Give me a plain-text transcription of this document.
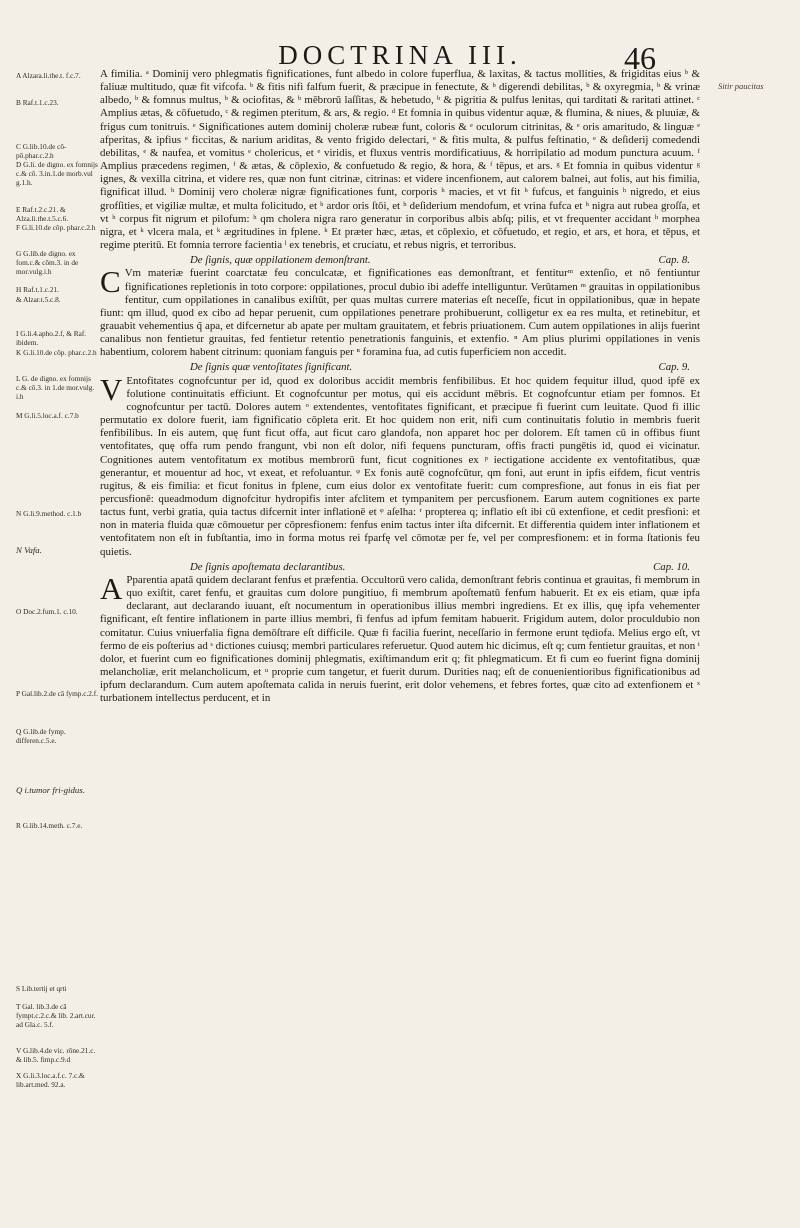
DOCTRINA III.	46
Sitir paucitas
A Alzara.li.the.t. f.c.7.
B Raf.t.1.c.23.
C G.lib.10.de cō-pō.phar.c.2.h
D G.li. de digno. ex fomnijs c.& cō. 3.in.1.de morb.vul g.1.h.
E Raf.t.2.c.21. & Alza.li.the.t.5.c.6.
F G.li.10.de cōp. phar.c.2.h
G G.lib.de digno. ex fom.c.& cōm.3. in de mor.vulg.i.h
H Raf.t.1.c.21.
& Alzar.t.5.c.8.
I G.li.4.apho.2.f, & Raf. ibidem.
K G.li.10.de cōp. phar.c.2.h
L G. de digno. ex fomnijs c.& cō.3. in 1.de mor.vulg. i.h
M G.li.5.loc.a.f. c.7.b
N G.li.9.method. c.1.b
N Vafa.
O Doc.2.fum.1. c.10.
P Gal.lib.2.de cā fymp.c.2.f.
Q G.lib.de fymp. differen.c.5.e.
Q i.tumor fri-gidus.
R G.lib.14.meth. c.7.e.
S Lib.tertij et qrti
T Gal. lib.3.de cā fympt.c.2.c.& lib. 2.art.cur. ad Gla.c. 5.f.
V G.lib.4.de vic. rōne.21.c. & lib.5. fimp.c.9.d
X G.li.3.loc.a.f.c. 7.c.& lib.art.med. 92.a.

A fimilia. ᵃ Dominij vero phlegmatis fignificationes, funt albedo in colore fuperflua, & laxitas, & tactus mollities, & frigiditas eius ᵇ & faliuæ multitudo, quæ fit vifcofa. ᵇ & fitis nifi falfum fuerit, & præcipue in fenectute, & ᵇ digerendi debilitas, ᵇ & oxyregmia, ᵇ & vrinæ albedo, ᵇ & fomnus multus, ᵇ & ociofitas, & ᵇ mēbrorū laſſitas, & hebetudo, ᵇ & pigritia & pulfus lenitas, qui tarditati & raritati attinet. ᶜ Amplius ætas, & cōfuetudo, ᶜ & regimen pteritum, & ars, & regio. ᵈ Et fomnia in quibus videntur aquæ, & flumina, & niues, & pluuiæ, & frigus cum tonitruis. ᵉ Significationes autem dominij choleræ rubeæ funt, coloris & ᵉ oculorum citrinitas, & ᵉ oris amaritudo, & linguæ ᵉ afperitas, & ipfius ᵉ ficcitas, & narium ariditas, & vento frigido delectari, ᵉ & fitis multa, & pulfus feſtinatio, ᵉ & deſiderij comedendi debilitas, ᵉ & naufea, et vomitus ᵉ cholericus, et ᵉ viridis, et fluxus ventris mordificatiuus, & horripilatio ad modum punctura acuum. ᶠ Amplius præcedens regimen, ᶠ & ætas, & cōplexio, & confuetudo & regio, & hora, & ᶠ tēpus, et ars. ᵍ Et fomnia in quibus videntur ᵍ ignes, & vexilla citrina, et videre res, quæ non funt citrinæ, citrinas: et videre incenfionem, aut calorem balnei, aut folis, aut his fimilia, fignificat illud. ʰ Dominij vero choleræ nigræ fignificationes funt, corporis ʰ macies, et vt fit ʰ fufcus, et fanguinis ʰ nigredo, et eius grofſities, et vigiliæ multæ, et multa folicitudo, et ʰ ardor oris ſtōi, et ʰ deſiderium mendofum, et vrina fufca et ʰ nigra aut rubea groſſa, et vt ʰ corpus fit nigrum et pilofum: ʰ qm cholera nigra raro generatur in corporibus albis abſq; pilis, et vt frequenter accidant ʰ morphea nigra, et ᵏ vlcera mala, et ᵏ ægritudines in fplene. ᵏ Et præter hæc, ætas, et cōplexio, et cōfuetudo, et regio, et ars, et hora, et tēpus, et regime pteritū. Et fomnia terrore facientia ˡ ex tenebris, et cruciatu, et rebus nigris, et terroribus.

De ſignis, quæ oppilationem demonſtrant.	Cap. 8.

C Vm materiæ fuerint coarctatæ feu conculcatæ, et fignificationes eas demonſtrant, et fentiturᵐ extenſio, et nō fentiuntur fignificationes repletionis in toto corpore: oppilationes, procul dubio ibi adeffe intelliguntur. Verūtamen ᵐ grauitas in oppilationibus fentitur, cum oppilationes in canalibus exiſtūt, per quas multas currere materias eſt neceſſe, ficut in oppilationibus, quæ in hepate fiunt: qm illud, quod ex cibo ad hepar peruenit, cum oppilationes penetrare prohibuerunt, colligetur ex ea res multa, et retinebitur, et grauabit vehementius q̃ apa, et difcernetur ab apate per multam grauitatem, et febris priuationem. Cum autem oppilationes in alijs fuerint canalibus non fentietur grauitas, fed fentietur retentio penetrationis fanguinis, et extenfio. ⁿ Am plius plurimi oppilationes in venis habentium, colorem habent citrinum: quoniam fanguis per ⁿ foramina fua, ad cutis fuperficiem non accedit.

De ſignis quæ ventoſitates ſignificant.	Cap. 9.

V Entofitates cognofcuntur per id, quod ex doloribus accidit membris fenfibilibus. Et hoc quidem fequitur illud, quod ipfē ex folutione continuitatis efficiunt. Et cognofcuntur per motus, qui eis accidunt mēbris. Et cognofcuntur etiam per fomnos. Et cognofcuntur per tactū. Dolores autem ᵒ extendentes, ventofitates fignificant, et præcipue fi fuerint cum leuitate. Quod fi illic permutatio ex dolore fuerit, iam fignificatio cōpleta erit. Et hoc quidem non erit, nifi cum continuitatis folutio in membris fuerit fenfibilibus. In eis autem, quę funt ficut offa, aut ficut carο glandofa, non apparet hoc per dolorem. Eſt tamen cū in offibus fiunt ventofitates, quę offa rum pendo frangunt, vbi non eſt dolor, nifi fequens puncturam, offis fracti pungētis id, quod ei vicinatur. Cognitiones autem ventofitatum ex motibus membrorū funt, ficut cognitiones ex ᵖ iectigatione accidente ex ventofitatibus, quæ generantur, et mouentur ad hoc, vt exeat, et refoluantur. ᵠ Ex fonis autē cognofcūtur, qm foni, aut erunt in ipfis eifdem, ficut ventris rugitus, & eis fimilia: et ficut fonitus in fplene, cum eius dolor ex ventofitate fuerit: cum compresfione, aut fonus in eis fiat per percusfionē: queadmodum dignofcitur hydropifis inter afclitem et tympanitem per percusfionem. Earum autem cognitiones ex parte tactus funt, verbi gratia, quia tactus difcernit inter inflationē et ᵠ aſelha: ʳ propterea q; inflatio eſt ibi cū extenfione, et cedit presfioni: et non in materia fluida quæ cōmouetur per cōpresfionem: fenfus enim tactus inter iſta difcernit. Et differentia quidem inter inflationem et ventofitatem non eſt in fubſtantia, imo in forma motus rei fparfę vel cōmotæ per fe, vel per compresfionem: et in forma ſtationis feu quietis.

De ſignis apoſtemata declarantibus.	Cap. 10.

A Pparentia apatā quidem declarant fenfus et præfentia. Occultorū vero calida, demonſtrant febris continua et grauitas, fi membrum in quo exiſtit, caret fenfu, et grauitas cum dolore pungitiuo, fi membrum apoſtematū fenfum habuerit. Et ex eis etiam, quæ ipfa declarant, aut declarando iuuant, eſt nocumentum in operationibus illius membri ingrediens. Et ex illis, quę ipfa vehementer fignificant, eſt fentire inflationem in parte illius membri, fi fenfus ad ipfum femitam habuerit. Frigidum autem, dolor proculdubio non comitatur. Cuius vniuerfalia figna demōſtrare eſt difficile. Quæ fi facilia fuerint, neceſſario in fermone erunt tędiofa. Melius ergo eſt, vt fermo de eis poſterius ad ˢ dictiones cuiusq; membri particulares referuetur. Quod autem hic dicimus, eſt q; cum fentietur grauitas, et non ᵗ dolor, et fuerint cum eo fignificationes dominij phlegmatis, exiſtimandum erit q; fit phlegmaticum. Et fi cum eo fuerint figna dominij melancholiæ, erit melancholicum, et ᵘ proprie cum tangetur, et fuerit durum. Durities naq; eſt de conuenientioribus fignificationibus ad ipfum declarandum. Cum autem apoſtemata calida in neruis fuerint, erit dolor vehemens, et febres fortes, quæ cito ad extenfionem et ˣ turbationem intellectus perducent, et in
